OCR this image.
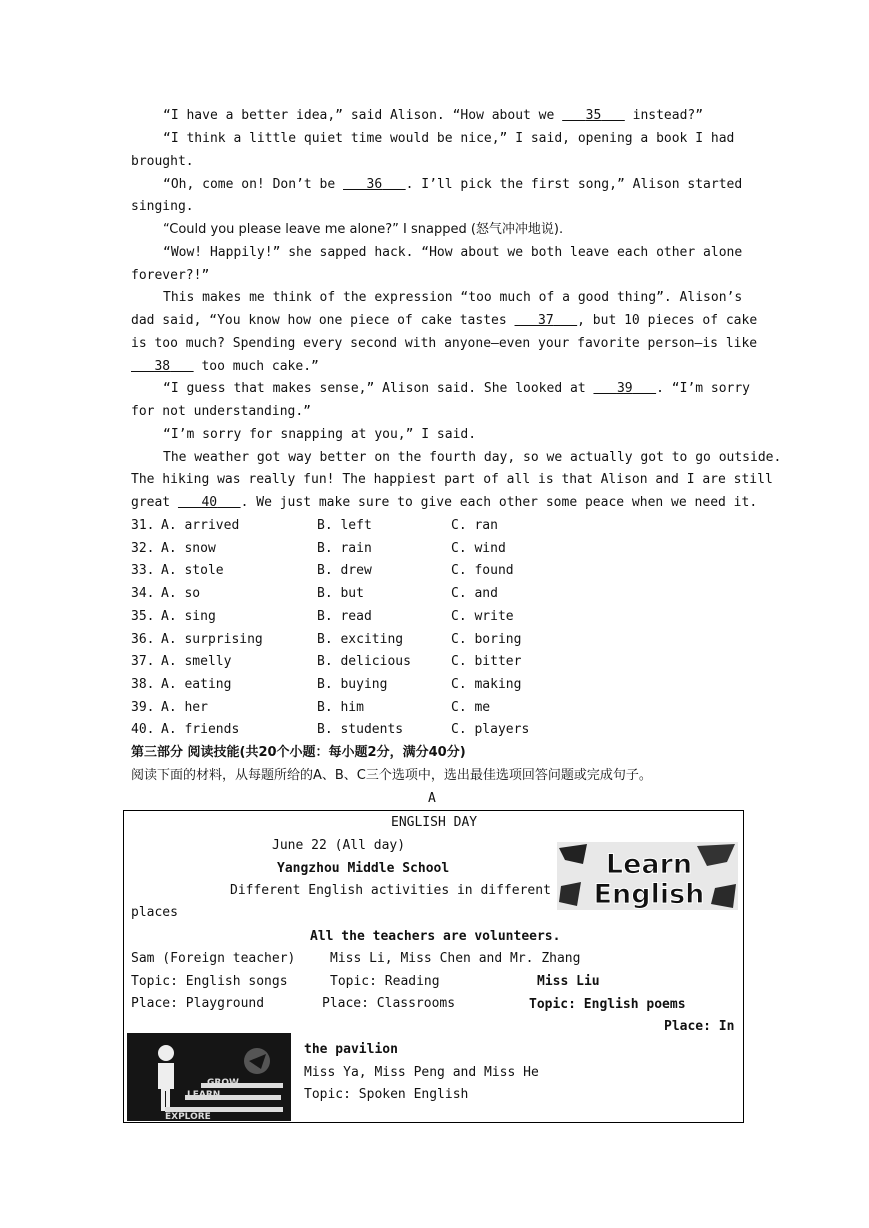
“I have a better idea,” said Alison. “How about we    35    instead?”
“I think a little quiet time would be nice,” I said, opening a book I had
brought.
“Oh, come on! Don’t be    36 . I’ll pick the first song,” Alison started
singing.
“Could you please leave me alone?” I snapped (怒气冲冲地说).
“Wow! Happily!” she sapped hack. “How about we both leave each other alone
forever?!”
This makes me think of the expression “too much of a good thing”. Alison’s
dad said, “You know how one piece of cake tastes    37 , but 10 pieces of cake
is too much? Spending every second with anyone—even your favorite person—is like
38    too much cake.”
“I guess that makes sense,” Alison said. She looked at    39 . “I’m sorry
for not understanding.”
“I’m sorry for snapping at you,” I said.
The weather got way better on the fourth day, so we actually got to go outside.
The hiking was really fun! The happiest part of all is that Alison and I are still
great    40 . We just make sure to give each other some peace when we need it.
31. A. arrived	B. left	C. ran
32. A. snow	B. rain	C. wind
33. A. stole	B. drew	C. found
34. A. so	B. but	C. and
35. A. sing	B. read	C. write
36. A. surprising	B. exciting	C. boring
37. A. smelly	B. delicious	C. bitter
38. A. eating	B. buying	C. making
39. A. her	B. him	C. me
40. A. friends	B. students	C. players
第三部分 阅读技能(共20个小题：每小题2分，满分40分)
阅读下面的材料，从每题所给的A、B、C三个选项中，选出最佳选项回答问题或完成句子。
A
ENGLISH DAY
June 22 (All day)
Yangzhou Middle School
Different English activities in different
places
All the teachers are volunteers.
Sam (Foreign teacher)
Topic: English songs
Place: Playground
Miss Li, Miss Chen and Mr. Zhang
Topic: Reading
Place: Classrooms
Miss Liu
Topic: English poems
Place: In
the pavilion
Miss Ya, Miss Peng and Miss He
Topic: Spoken English
Learn
English
GROW
LEARN
EXPLORE
